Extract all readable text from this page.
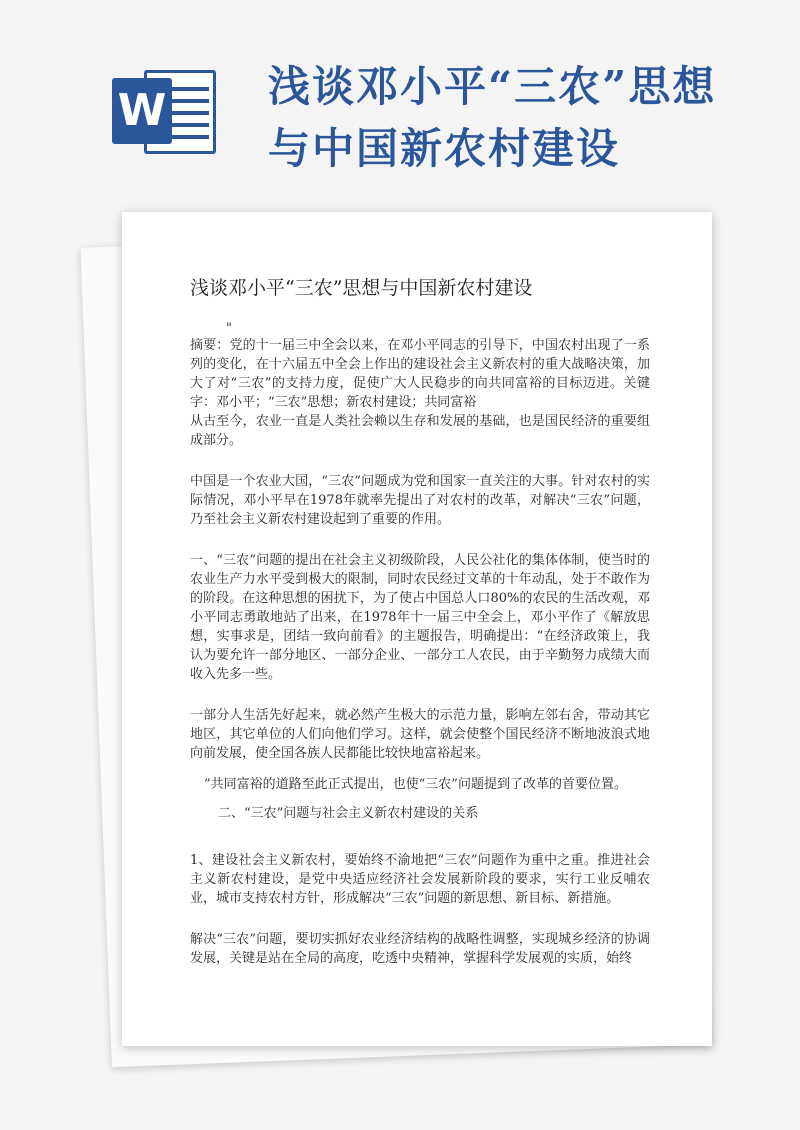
W 浅谈邓小平“三农”思想与中国新农村建设
浅谈邓小平“三农”思想与中国新农村建设

"

摘要：党的十一届三中全会以来，在邓小平同志的引导下，中国农村出现了一系列的变化，在十六届五中全会上作出的建设社会主义新农村的重大战略决策，加大了对“三农”的支持力度，促使广大人民稳步的向共同富裕的目标迈进。关键字：邓小平；“三农”思想；新农村建设；共同富裕

从古至今，农业一直是人类社会赖以生存和发展的基础，也是国民经济的重要组成部分。

中国是一个农业大国，“三农”问题成为党和国家一直关注的大事。针对农村的实际情况，邓小平早在1978年就率先提出了对农村的改革，对解决“三农”问题，乃至社会主义新农村建设起到了重要的作用。

一、“三农”问题的提出在社会主义初级阶段，人民公社化的集体体制，使当时的农业生产力水平受到极大的限制，同时农民经过文革的十年动乱，处于不敢作为的阶段。在这种思想的困扰下，为了使占中国总人口80%的农民的生活改观，邓小平同志勇敢地站了出来，在1978年十一届三中全会上，邓小平作了《解放思想，实事求是，团结一致向前看》的主题报告，明确提出：“在经济政策上，我认为要允许一部分地区、一部分企业、一部分工人农民，由于辛勤努力成绩大而收入先多一些。

一部分人生活先好起来，就必然产生极大的示范力量，影响左邻右舍，带动其它地区，其它单位的人们向他们学习。这样，就会使整个国民经济不断地波浪式地向前发展，使全国各族人民都能比较快地富裕起来。

”共同富裕的道路至此正式提出，也使“三农”问题提到了改革的首要位置。

二、“三农”问题与社会主义新农村建设的关系

1、建设社会主义新农村，要始终不渝地把“三农”问题作为重中之重。推进社会主义新农村建设，是党中央适应经济社会发展新阶段的要求，实行工业反哺农业，城市支持农村方针，形成解决“三农”问题的新思想、新目标、新措施。

解决“三农”问题，要切实抓好农业经济结构的战略性调整，实现城乡经济的协调发展，关键是站在全局的高度，吃透中央精神，掌握科学发展观的实质，始终
